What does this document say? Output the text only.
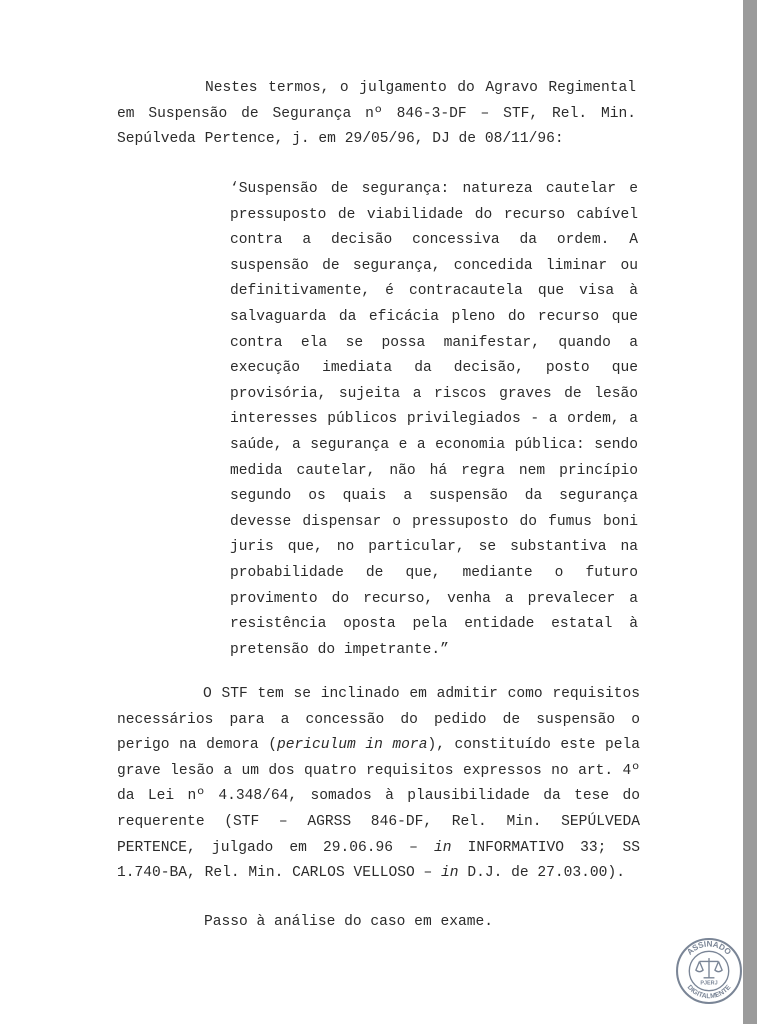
Nestes termos, o julgamento do Agravo Regimental em Suspensão de Segurança nº 846-3-DF – STF, Rel. Min. Sepúlveda Pertence, j. em 29/05/96, DJ de 08/11/96:
‘Suspensão de segurança: natureza cautelar e pressuposto de viabilidade do recurso cabível contra a decisão concessiva da ordem. A suspensão de segurança, concedida liminar ou definitivamente, é contracautela que visa à salvaguarda da eficácia pleno do recurso que contra ela se possa manifestar, quando a execução imediata da decisão, posto que provisória, sujeita a riscos graves de lesão interesses públicos privilegiados - a ordem, a saúde, a segurança e a economia pública: sendo medida cautelar, não há regra nem princípio segundo os quais a suspensão da segurança devesse dispensar o pressuposto do fumus boni juris que, no particular, se substantiva na probabilidade de que, mediante o futuro provimento do recurso, venha a prevalecer a resistência oposta pela entidade estatal à pretensão do impetrante.”
O STF tem se inclinado em admitir como requisitos necessários para a concessão do pedido de suspensão o perigo na demora (periculum in mora), constituído este pela grave lesão a um dos quatro requisitos expressos no art. 4º da Lei nº 4.348/64, somados à plausibilidade da tese do requerente (STF – AGRSS 846-DF, Rel. Min. SEPÚLVEDA PERTENCE, julgado em 29.06.96 – in INFORMATIVO 33; SS 1.740-BA, Rel. Min. CARLOS VELLOSO – in D.J. de 27.03.00).
Passo à análise do caso em exame.
ASSINADO
DIGITALMENTE
PJERJ
